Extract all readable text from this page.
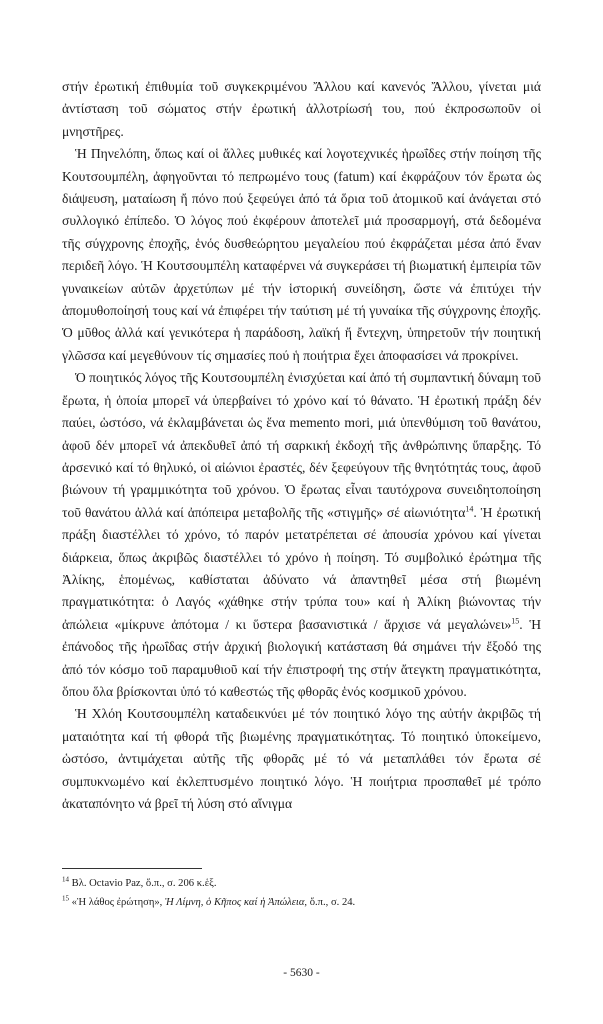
στήν ἐρωτική ἐπιθυμία τοῦ συγκεκριμένου Ἄλλου καί κανενός Ἄλλου, γίνεται μιά ἀντίσταση τοῦ σώματος στήν ἐρωτική ἀλλοτρίωσή του, πού ἐκπροσωποῦν οἱ μνηστῆρες.

Ἡ Πηνελόπη, ὅπως καί οἱ ἄλλες μυθικές καί λογοτεχνικές ἡρωΐδες στήν ποίηση τῆς Κουτσουμπέλη, ἀφηγοῦνται τό πεπρωμένο τους (fatum) καί ἐκφράζουν τόν ἔρωτα ὡς διάψευση, ματαίωση ἤ πόνο πού ξεφεύγει ἀπό τά ὅρια τοῦ ἀτομικοῦ καί ἀνάγεται στό συλλογικό ἐπίπεδο. Ὁ λόγος πού ἐκφέρουν ἀποτελεῖ μιά προσαρμογή, στά δεδομένα τῆς σύγχρονης ἐποχῆς, ἑνός δυσθεώρητου μεγαλείου πού ἐκφράζεται μέσα ἀπό ἕναν περιδεῆ λόγο. Ἡ Κουτσουμπέλη καταφέρνει νά συγκεράσει τή βιωματική ἐμπειρία τῶν γυναικείων αὐτῶν ἀρχετύπων μέ τήν ἱστορική συνείδηση, ὥστε νά ἐπιτύχει τήν ἀπομυθοποίησή τους καί νά ἐπιφέρει τήν ταύτιση μέ τή γυναίκα τῆς σύγχρονης ἐποχῆς. Ὁ μῦθος ἀλλά καί γενικότερα ἡ παράδοση, λαϊκή ἤ ἔντεχνη, ὑπηρετοῦν τήν ποιητική γλῶσσα καί μεγεθύνουν τίς σημασίες πού ἡ ποιήτρια ἔχει ἀποφασίσει νά προκρίνει.

Ὁ ποιητικός λόγος τῆς Κουτσουμπέλη ἐνισχύεται καί ἀπό τή συμπαντική δύναμη τοῦ ἔρωτα, ἡ ὁποία μπορεῖ νά ὑπερβαίνει τό χρόνο καί τό θάνατο. Ἡ ἐρωτική πράξη δέν παύει, ὡστόσο, νά ἐκλαμβάνεται ὡς ἕνα memento mori, μιά ὑπενθύμιση τοῦ θανάτου, ἀφοῦ δέν μπορεῖ νά ἀπεκδυθεῖ ἀπό τή σαρκική ἐκδοχή τῆς ἀνθρώπινης ὕπαρξης. Τό ἀρσενικό καί τό θηλυκό, οἱ αἰώνιοι ἐραστές, δέν ξεφεύγουν τῆς θνητότητάς τους, ἀφοῦ βιώνουν τή γραμμικότητα τοῦ χρόνου. Ὁ ἔρωτας εἶναι ταυτόχρονα συνειδητοποίηση τοῦ θανάτου ἀλλά καί ἀπόπειρα μεταβολῆς τῆς «στιγμῆς» σέ αἰωνιότητα$^{14}$. Ἡ ἐρωτική πράξη διαστέλλει τό χρόνο, τό παρόν μετατρέπεται σέ ἀπουσία χρόνου καί γίνεται διάρκεια, ὅπως ἀκριβῶς διαστέλλει τό χρόνο ἡ ποίηση. Τό συμβολικό ἐρώτημα τῆς Ἀλίκης, ἑπομένως, καθίσταται ἀδύνατο νά ἀπαντηθεῖ μέσα στή βιωμένη πραγματικότητα: ὁ Λαγός «χάθηκε στήν τρύπα του» καί ἡ Ἀλίκη βιώνοντας τήν ἀπώλεια «μίκρυνε ἀπότομα / κι ὕστερα βασανιστικά / ἄρχισε νά μεγαλώνει»$^{15}$. Ἡ ἐπάνοδος τῆς ἡρωΐδας στήν ἀρχική βιολογική κατάσταση θά σημάνει τήν ἔξοδό της ἀπό τόν κόσμο τοῦ παραμυθιοῦ καί τήν ἐπιστροφή της στήν ἄτεγκτη πραγματικότητα, ὅπου ὅλα βρίσκονται ὑπό τό καθεστώς τῆς φθορᾶς ἑνός κοσμικοῦ χρόνου.

Ἡ Χλόη Κουτσουμπέλη καταδεικνύει μέ τόν ποιητικό λόγο της αὐτήν ἀκριβῶς τή ματαιότητα καί τή φθορά τῆς βιωμένης πραγματικότητας. Τό ποιητικό ὑποκείμενο, ὡστόσο, ἀντιμάχεται αὐτῆς τῆς φθορᾶς μέ τό νά μεταπλάθει τόν ἔρωτα σέ συμπυκνωμένο καί ἐκλεπτυσμένο ποιητικό λόγο. Ἡ ποιήτρια προσπαθεῖ μέ τρόπο ἀκαταπόνητο νά βρεῖ τή λύση στό αἴνιγμα

$^{14}$ Βλ. Octavio Paz, ὅ.π., σ. 206 κ.ἑξ.
$^{15}$ «Ἡ λάθος ἐρώτηση», Ἡ Λίμνη, ὁ Κῆπος καί ἡ Ἀπώλεια, ὅ.π., σ. 24.
- 5630 -
